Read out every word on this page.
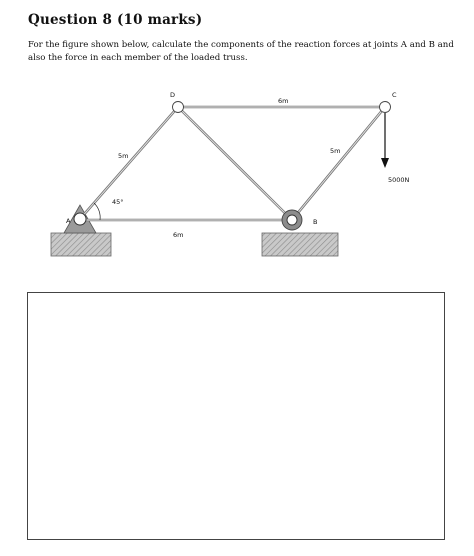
Question 8 (10 marks)
For the figure shown below, calculate the components of the reaction forces at joints A and B and also the force in each member of the loaded truss.
A
D	C
B
5m
6m
5m
6m
45°
5000N
